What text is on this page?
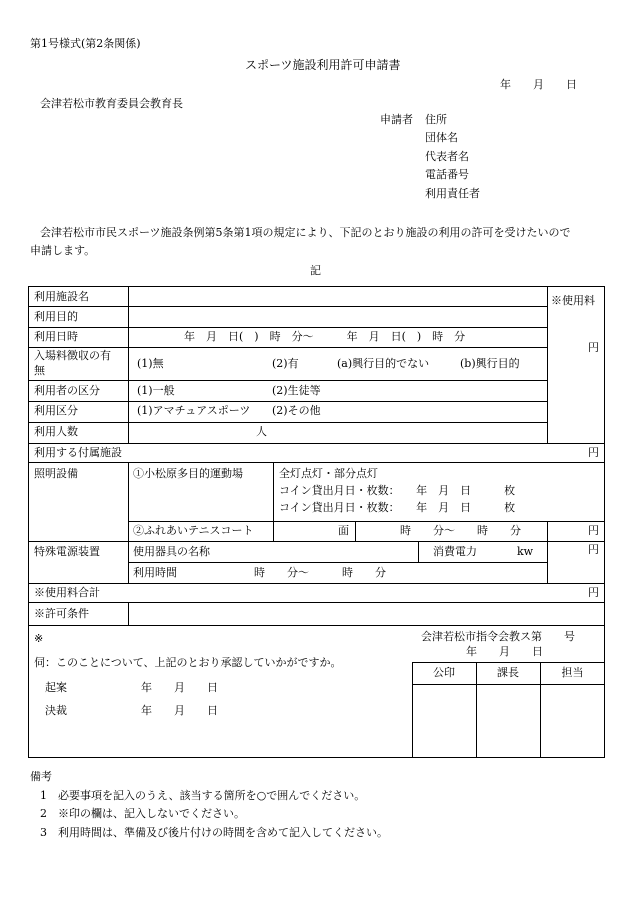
第1号様式(第2条関係)
スポーツ施設利用許可申請書
年　　月　　日
会津若松市教育委員会教育長
申請者 住所
団体名
代表者名
電話番号
利用責任者
会津若松市市民スポーツ施設条例第5条第1項の規定により、下記のとおり施設の利用の許可を受けたいので
申請します。
記
利用施設名
利用目的
利用日時	年　月　日(　)　時　分〜　　　年　月　日(　)　時　分
入場料徴収の有
無
(1)無	(2)有	(a)興行目的でない	(b)興行目的
利用者の区分	(1)一般	(2)生徒等
利用区分	(1)アマチュアスポーツ (2)その他
利用人数	人
※使用料
円
利用する付属施設	円
照明設備	①小松原多目的運動場	全灯点灯・部分点灯
コイン貸出月日・枚数：　　年　月　日　　　枚
コイン貸出月日・枚数：　　年　月　日　　　枚
②ふれあいテニスコート	面	時　　分〜　　時　　分	円
特殊電源装置	使用器具の名称	消費電力	kw	円
利用時間	時　　分〜　　　時　　分
※使用料合計	円
※許可条件
※
伺：このことについて、上記のとおり承認していかがですか。
起案	年　　月　　日
決裁	年　　月　　日
会津若松市指令会教ス第　　号
年　　月　　日
公印	課長	担当
備考
1　必要事項を記入のうえ、該当する箇所を○で囲んでください。
2　※印の欄は、記入しないでください。
3　利用時間は、準備及び後片付けの時間を含めて記入してください。
